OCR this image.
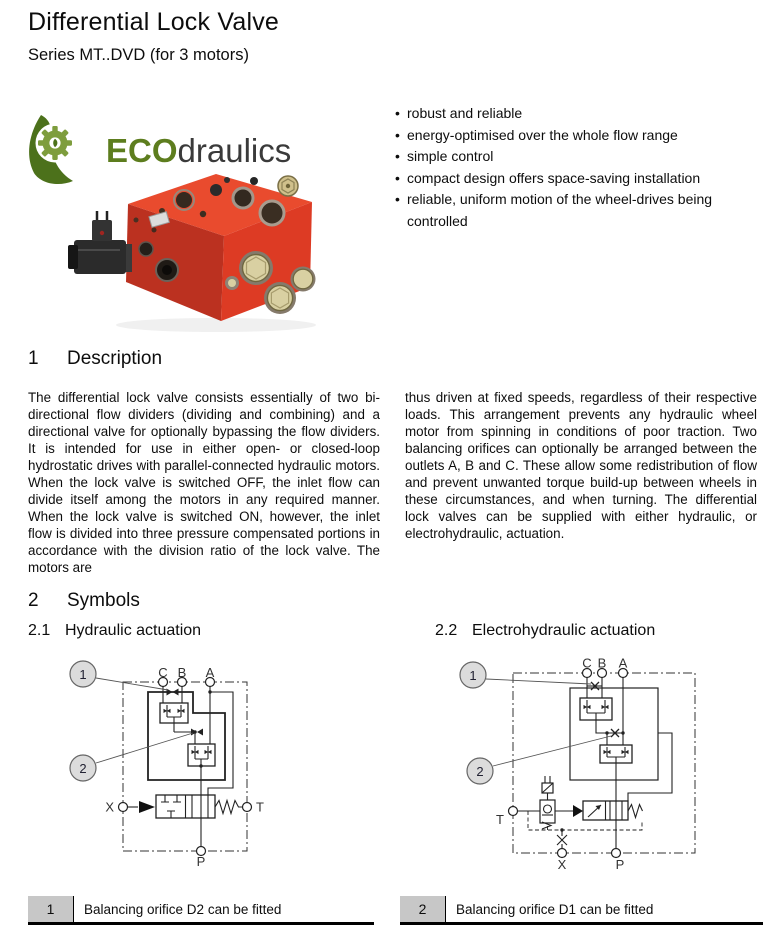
Differential Lock Valve
Series MT..DVD (for 3 motors)
ECOdraulics
• robust and reliable
• energy-optimised over the whole flow range
• simple control
• compact design offers space-saving installation
• reliable, uniform motion of the wheel-drives being controlled
1 Description
The differential lock valve consists essentially of two bi-directional flow dividers (dividing and combining) and a directional valve for optionally bypassing the flow dividers. It is intended for use in either open- or closed-loop hydrostatic drives with parallel-connected hydraulic motors. When the lock valve is switched OFF, the inlet flow can divide itself among the motors in any required manner. When the lock valve is switched ON, however, the inlet flow is divided into three pressure compensated portions in accordance with the division ratio of the lock valve. The motors are
thus driven at fixed speeds, regardless of their respective loads. This arrangement prevents any hydraulic wheel motor from spinning in conditions of poor traction. Two balancing orifices can optionally be arranged between the outlets A, B and C. These allow some redistribution of flow and prevent unwanted torque build-up between wheels in these circumstances, and when turning. The differential lock valves can be supplied with either hydraulic, or electrohydraulic, actuation.
2 Symbols
2.1 Hydraulic actuation	2.2 Electrohydraulic actuation
C B A
X	T
P
1
2
C B A
T
X	P
1
2
1	Balancing orifice D2 can be fitted	2	Balancing orifice D1 can be fitted
